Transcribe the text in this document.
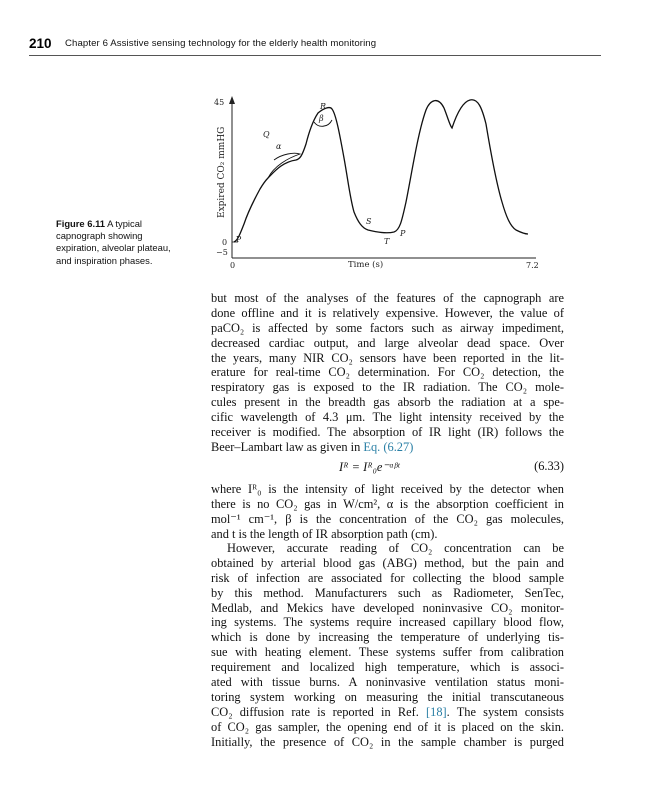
210 Chapter 6 Assistive sensing technology for the elderly health monitoring
Figure 6.11 A typical
capnograph showing
expiration, alveolar plateau,
and inspiration phases.
45
0
−5
0	7.2
Time (s)
Expired CO₂ mmHG
P
Q
α
R
β
S
T
P
but most of the analyses of the features of the capnograph are
done offline and it is relatively expensive. However, the value of
paCO₂ is affected by some factors such as airway impediment,
decreased cardiac output, and large alveolar dead space. Over
the years, many NIR CO₂ sensors have been reported in the lit-
erature for real-time CO₂ determination. For CO₂ detection, the
respiratory gas is exposed to the IR radiation. The CO₂ mole-
cules present in the breadth gas absorb the radiation at a spe-
cific wavelength of 4.3 μm. The light intensity received by the
receiver is modified. The absorption of IR light (IR) follows the
Beer–Lambart law as given in Eq. (6.27)
Iᴿ = Iᴿ₀e⁻ᵅᵝᵗ	(6.33)
where Iᴿ₀ is the intensity of light received by the detector when
there is no CO₂ gas in W/cm², α is the absorption coefficient in
mol⁻¹ cm⁻¹, β is the concentration of the CO₂ gas molecules,
and t is the length of IR absorption path (cm).
However, accurate reading of CO₂ concentration can be
obtained by arterial blood gas (ABG) method, but the pain and
risk of infection are associated for collecting the blood sample
by this method. Manufacturers such as Radiometer, SenTec,
Medlab, and Mekics have developed noninvasive CO₂ monitor-
ing systems. The systems require increased capillary blood flow,
which is done by increasing the temperature of underlying tis-
sue with heating element. These systems suffer from calibration
requirement and localized high temperature, which is associ-
ated with tissue burns. A noninvasive ventilation status moni-
toring system working on measuring the initial transcutaneous
CO₂ diffusion rate is reported in Ref. [18]. The system consists
of CO₂ gas sampler, the opening end of it is placed on the skin.
Initially, the presence of CO₂ in the sample chamber is purged
